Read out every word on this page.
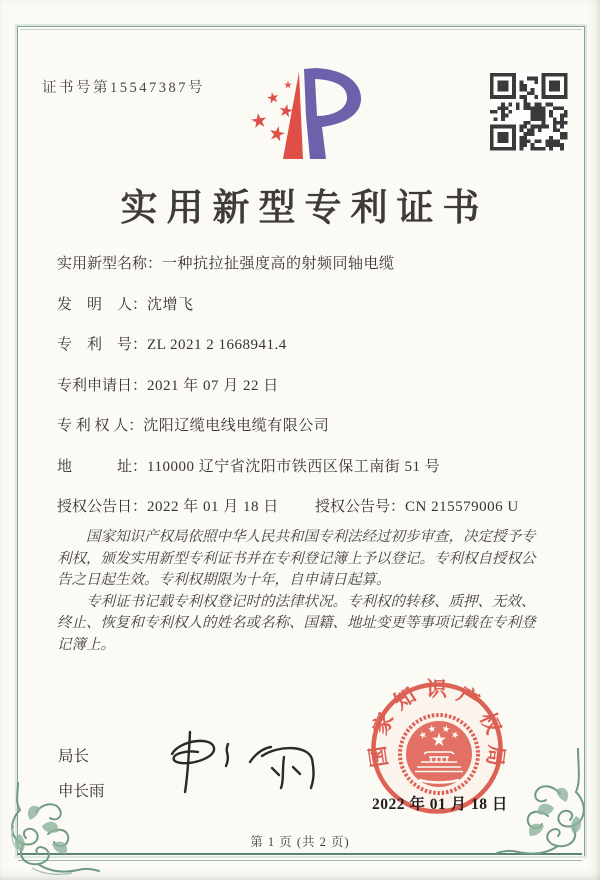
证书号第15547387号
实用新型专利证书
实用新型名称：一种抗拉扯强度高的射频同轴电缆
发　明　人：沈增飞
专　利　号：ZL 2021 2 1668941.4
专利申请日：2021 年 07 月 22 日
专 利 权 人：沈阳辽缆电线电缆有限公司
地　　　址：110000 辽宁省沈阳市铁西区保工南街 51 号
授权公告日：2022 年 01 月 18 日 授权公告号：CN 215579006 U

国家知识产权局依照中华人民共和国专利法经过初步审查，决定授予专利权，颁发实用新型专利证书并在专利登记簿上予以登记。专利权自授权公告之日起生效。专利权期限为十年，自申请日起算。

专利证书记载专利权登记时的法律状况。专利权的转移、质押、无效、终止、恢复和专利权人的姓名或名称、国籍、地址变更等事项记载在专利登记簿上。

局长
申长雨
国家知识产权局
2022 年 01 月 18 日
第 1 页 (共 2 页)
